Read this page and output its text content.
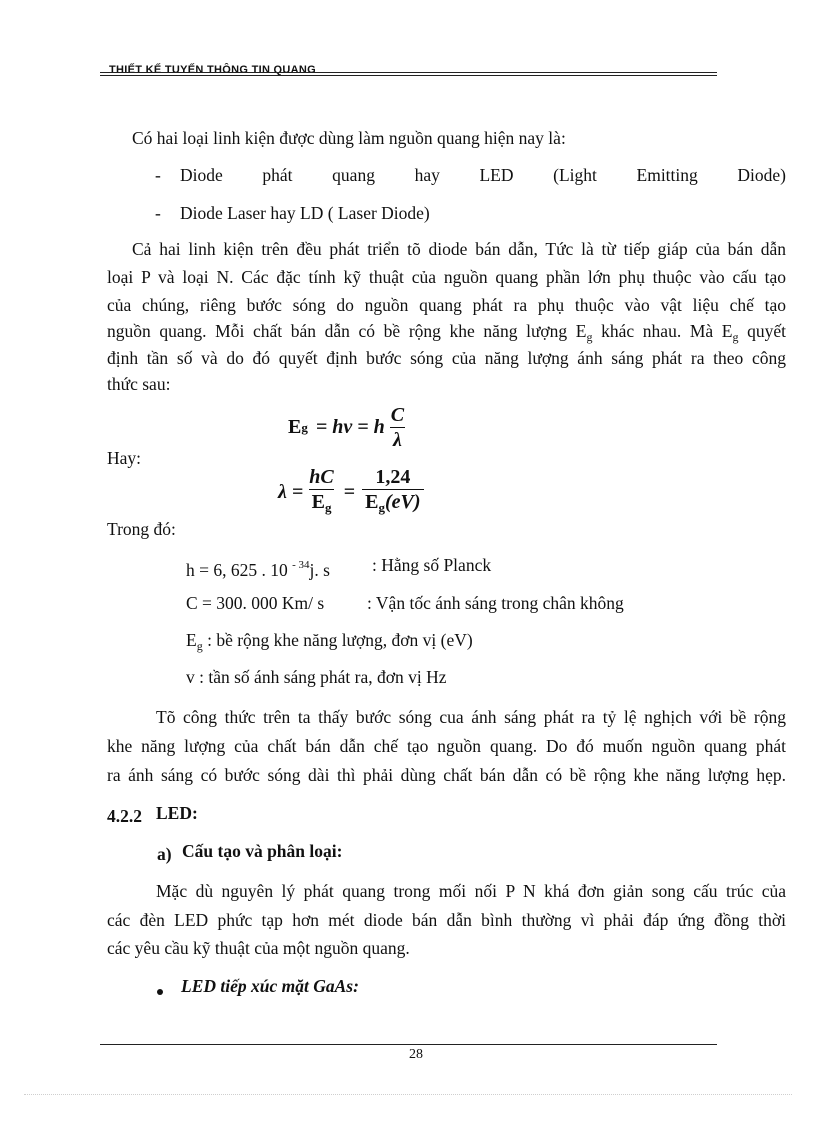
THIẾT KẾ TUYẾN THÔNG TIN QUANG
Có hai loại linh kiện được dùng làm nguồn quang hiện nay là:
- Diode phát quang hay LED (Light Emitting Diode)
- Diode Laser hay LD ( Laser Diode)
Cả hai linh kiện trên đều phát triển tõ diode bán dẫn, Tức là từ tiếp giáp của bán dẫn
loại P và loại N. Các đặc tính kỹ thuật của nguồn quang phần lớn phụ thuộc vào cấu tạo
của chúng, riêng bước sóng do nguồn quang phát ra phụ thuộc vào vật liệu chế tạo
nguồn quang. Mỗi chất bán dẫn có bề rộng khe năng lượng $E_g$ khác nhau. Mà $E_g$ quyết
định tần số và do đó quyết định bước sóng của năng lượng ánh sáng phát ra theo công
thức sau:
E g = hν = h $\frac{C}{\lambda}$
Hay:
$\lambda = \frac{hC}{E_g} = \frac{1,24}{E_g(eV)}$
Trong đó:
h = 6, 625 . 10 $^{- 34}$j. s : Hằng số Planck
C = 300. 000 Km/ s : Vận tốc ánh sáng trong chân không
$E_g$ : bề rộng khe năng lượng, đơn vị (eV)
v : tần số ánh sáng phát ra, đơn vị Hz
Tõ công thức trên ta thấy bước sóng cua ánh sáng phát ra tỷ lệ nghịch với bề rộng
khe năng lượng của chất bán dẫn chế tạo nguồn quang. Do đó muốn nguồn quang phát
ra ánh sáng có bước sóng dài thì phải dùng chất bán dẫn có bề rộng khe năng lượng hẹp.
4.2.2 LED:
a) Cấu tạo và phân loại:
Mặc dù nguyên lý phát quang trong mối nối P N khá đơn giản song cấu trúc của
các đèn LED phức tạp hơn mét diode bán dẫn bình thường vì phải đáp ứng đồng thời
các yêu cầu kỹ thuật của một nguồn quang.
LED tiếp xúc mặt GaAs:
28
